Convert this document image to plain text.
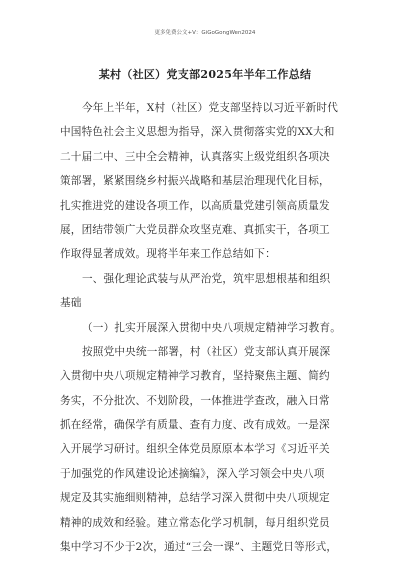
更多免费公文+V：GiGoGongWen2024
某村（社区）党支部2025年半年工作总结
今年上半年，X村（社区）党支部坚持以习近平新时代
中国特色社会主义思想为指导，深入贯彻落实党的XX大和
二十届二中、三中全会精神，认真落实上级党组织各项决
策部署，紧紧围绕乡村振兴战略和基层治理现代化目标，
扎实推进党的建设各项工作，以高质量党建引领高质量发
展，团结带领广大党员群众攻坚克难、真抓实干，各项工
作取得显著成效。现将半年来工作总结如下：
一、强化理论武装与从严治党，筑牢思想根基和组织
基础
（一）扎实开展深入贯彻中央八项规定精神学习教育。
按照党中央统一部署，村（社区）党支部认真开展深
入贯彻中央八项规定精神学习教育，坚持聚焦主题、简约
务实，不分批次、不划阶段，一体推进学查改，融入日常
抓在经常，确保学有质量、查有力度、改有成效。一是深
入开展学习研讨。组织全体党员原原本本学习《习近平关
于加强党的作风建设论述摘编》，深入学习领会中央八项
规定及其实施细则精神，总结学习深入贯彻中央八项规定
精神的成效和经验。建立常态化学习机制，每月组织党员
集中学习不少于2次，通过“三会一课”、主题党日等形式，
